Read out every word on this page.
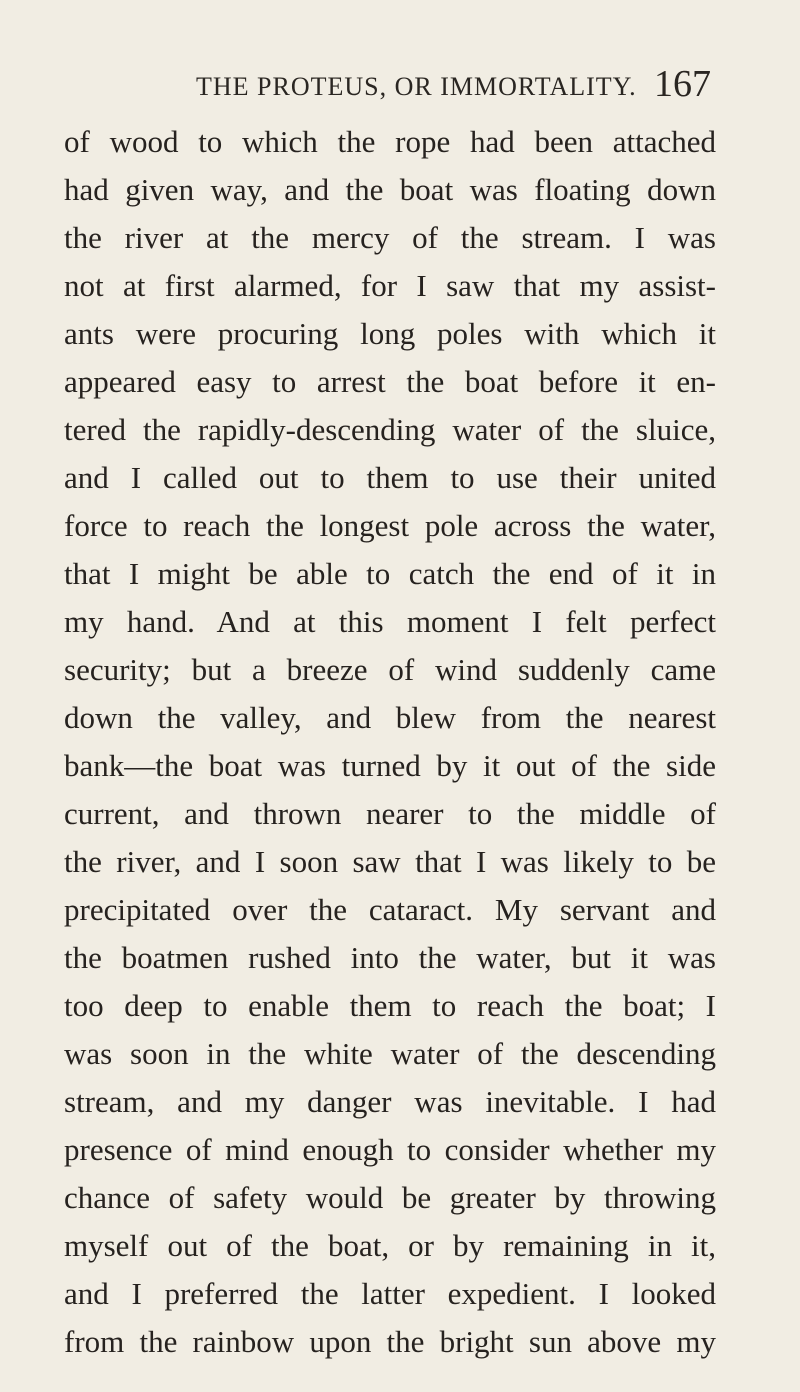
THE PROTEUS, OR IMMORTALITY. 167
of wood to which the rope had been attached
had given way, and the boat was floating down
the river at the mercy of the stream. I was
not at first alarmed, for I saw that my assist-
ants were procuring long poles with which it
appeared easy to arrest the boat before it en-
tered the rapidly-descending water of the sluice,
and I called out to them to use their united
force to reach the longest pole across the water,
that I might be able to catch the end of it in
my hand. And at this moment I felt perfect
security; but a breeze of wind suddenly came
down the valley, and blew from the nearest
bank—the boat was turned by it out of the side
current, and thrown nearer to the middle of
the river, and I soon saw that I was likely to be
precipitated over the cataract. My servant and
the boatmen rushed into the water, but it was
too deep to enable them to reach the boat; I
was soon in the white water of the descending
stream, and my danger was inevitable. I had
presence of mind enough to consider whether my
chance of safety would be greater by throwing
myself out of the boat, or by remaining in it,
and I preferred the latter expedient. I looked
from the rainbow upon the bright sun above my
